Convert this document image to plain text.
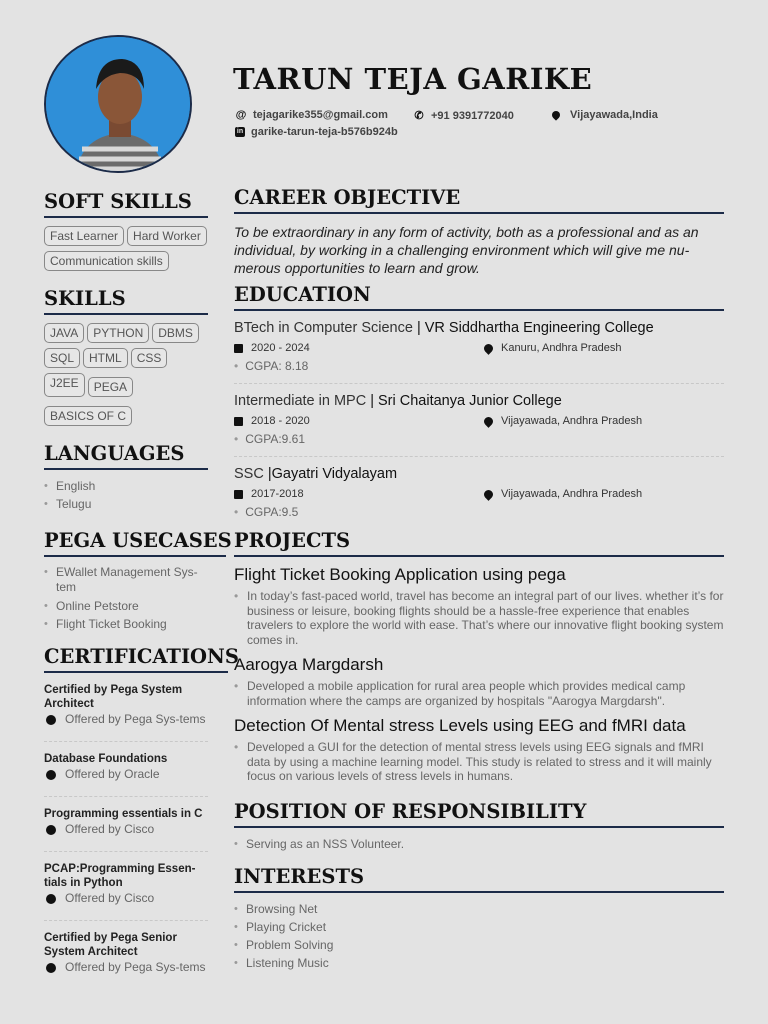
TARUN TEJA GARIKE
@ tejagarike355@gmail.com ✆ +91 9391772040	Vijayawada,India
in garike-tarun-teja-b576b924b
SOFT SKILLS
Fast Learner	Hard Worker
Communication skills
SKILLS
JAVA	PYTHON	DBMS
SQL	HTML	CSS
J2EE	PEGA
BASICS OF C
LANGUAGES
• English
• Telugu
PEGA USECASES
• EWallet Management Sys-tem
• Online Petstore
• Flight Ticket Booking
CERTIFICATIONS
Certified by Pega System Architect
Offered by Pega Sys-tems
Database Foundations
Offered by Oracle
Programming essentials in C
Offered by Cisco
PCAP:Programming Essen-tials in Python
Offered by Cisco
Certified by Pega Senior System Architect
Offered by Pega Sys-tems
CAREER OBJECTIVE

To be extraordinary in any form of activity, both as a professional and as an individual, by working in a challenging environment which will give me nu-merous opportunities to learn and grow.

EDUCATION
BTech in Computer Science | VR Siddhartha Engineering College
2020 - 2024	Kanuru, Andhra Pradesh
• CGPA: 8.18
Intermediate in MPC | Sri Chaitanya Junior College
2018 - 2020	Vijayawada, Andhra Pradesh
• CGPA:9.61
SSC |Gayatri Vidyalayam
2017-2018	Vijayawada, Andhra Pradesh
• CGPA:9.5
PROJECTS
Flight Ticket Booking Application using pega
• In today’s fast-paced world, travel has become an integral part of our lives. whether it’s for business or leisure, booking flights should be a hassle-free experience that enables travelers to explore the world with ease. That’s where our innovative flight booking system comes in.
Aarogya Margdarsh
• Developed a mobile application for rural area people which provides medical camp information where the camps are organized by hospitals "Aarogya Margdarsh".
Detection Of Mental stress Levels using EEG and fMRI data
• Developed a GUI for the detection of mental stress levels using EEG signals and fMRI data by using a machine learning model. This study is related to stress and it will mainly focus on various levels of stress levels in humans.
POSITION OF RESPONSIBILITY
• Serving as an NSS Volunteer.
INTERESTS
• Browsing Net
• Playing Cricket
• Problem Solving
• Listening Music
